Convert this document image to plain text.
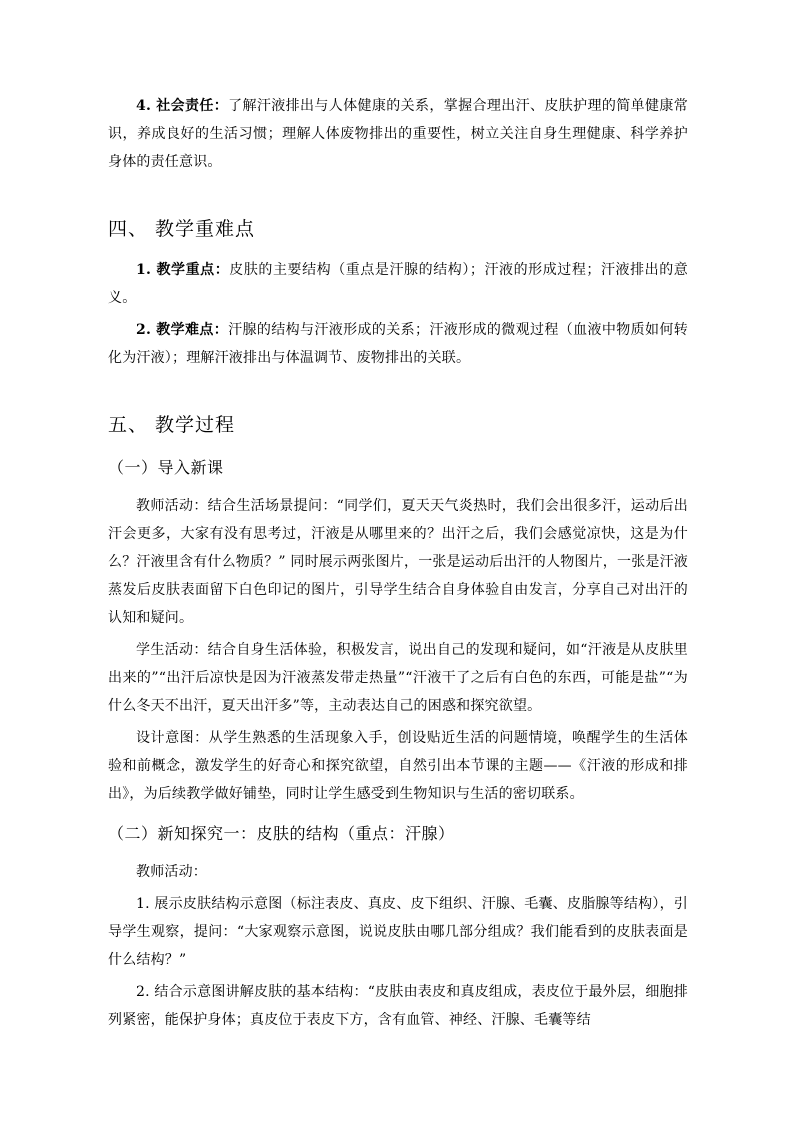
4. 社会责任：了解汗液排出与人体健康的关系，掌握合理出汗、皮肤护理的简单健康常识，养成良好的生活习惯；理解人体废物排出的重要性，树立关注自身生理健康、科学养护身体的责任意识。

四、 教学重难点

1. 教学重点：皮肤的主要结构（重点是汗腺的结构）；汗液的形成过程；汗液排出的意义。

2. 教学难点：汗腺的结构与汗液形成的关系；汗液形成的微观过程（血液中物质如何转化为汗液）；理解汗液排出与体温调节、废物排出的关联。

五、 教学过程
（一）导入新课

教师活动：结合生活场景提问：“同学们，夏天天气炎热时，我们会出很多汗，运动后出汗会更多，大家有没有思考过，汗液是从哪里来的？出汗之后，我们会感觉凉快，这是为什么？汗液里含有什么物质？” 同时展示两张图片，一张是运动后出汗的人物图片，一张是汗液蒸发后皮肤表面留下白色印记的图片，引导学生结合自身体验自由发言，分享自己对出汗的认知和疑问。

学生活动：结合自身生活体验，积极发言，说出自己的发现和疑问，如“汗液是从皮肤里出来的”“出汗后凉快是因为汗液蒸发带走热量”“汗液干了之后有白色的东西，可能是盐”“为什么冬天不出汗，夏天出汗多”等，主动表达自己的困惑和探究欲望。

设计意图：从学生熟悉的生活现象入手，创设贴近生活的问题情境，唤醒学生的生活体验和前概念，激发学生的好奇心和探究欲望，自然引出本节课的主题——《汗液的形成和排出》，为后续教学做好铺垫，同时让学生感受到生物知识与生活的密切联系。

（二）新知探究一：皮肤的结构（重点：汗腺）

教师活动：

1. 展示皮肤结构示意图（标注表皮、真皮、皮下组织、汗腺、毛囊、皮脂腺等结构），引导学生观察，提问：“大家观察示意图，说说皮肤由哪几部分组成？我们能看到的皮肤表面是什么结构？”

2. 结合示意图讲解皮肤的基本结构：“皮肤由表皮和真皮组成，表皮位于最外层，细胞排列紧密，能保护身体；真皮位于表皮下方，含有血管、神经、汗腺、毛囊等结
